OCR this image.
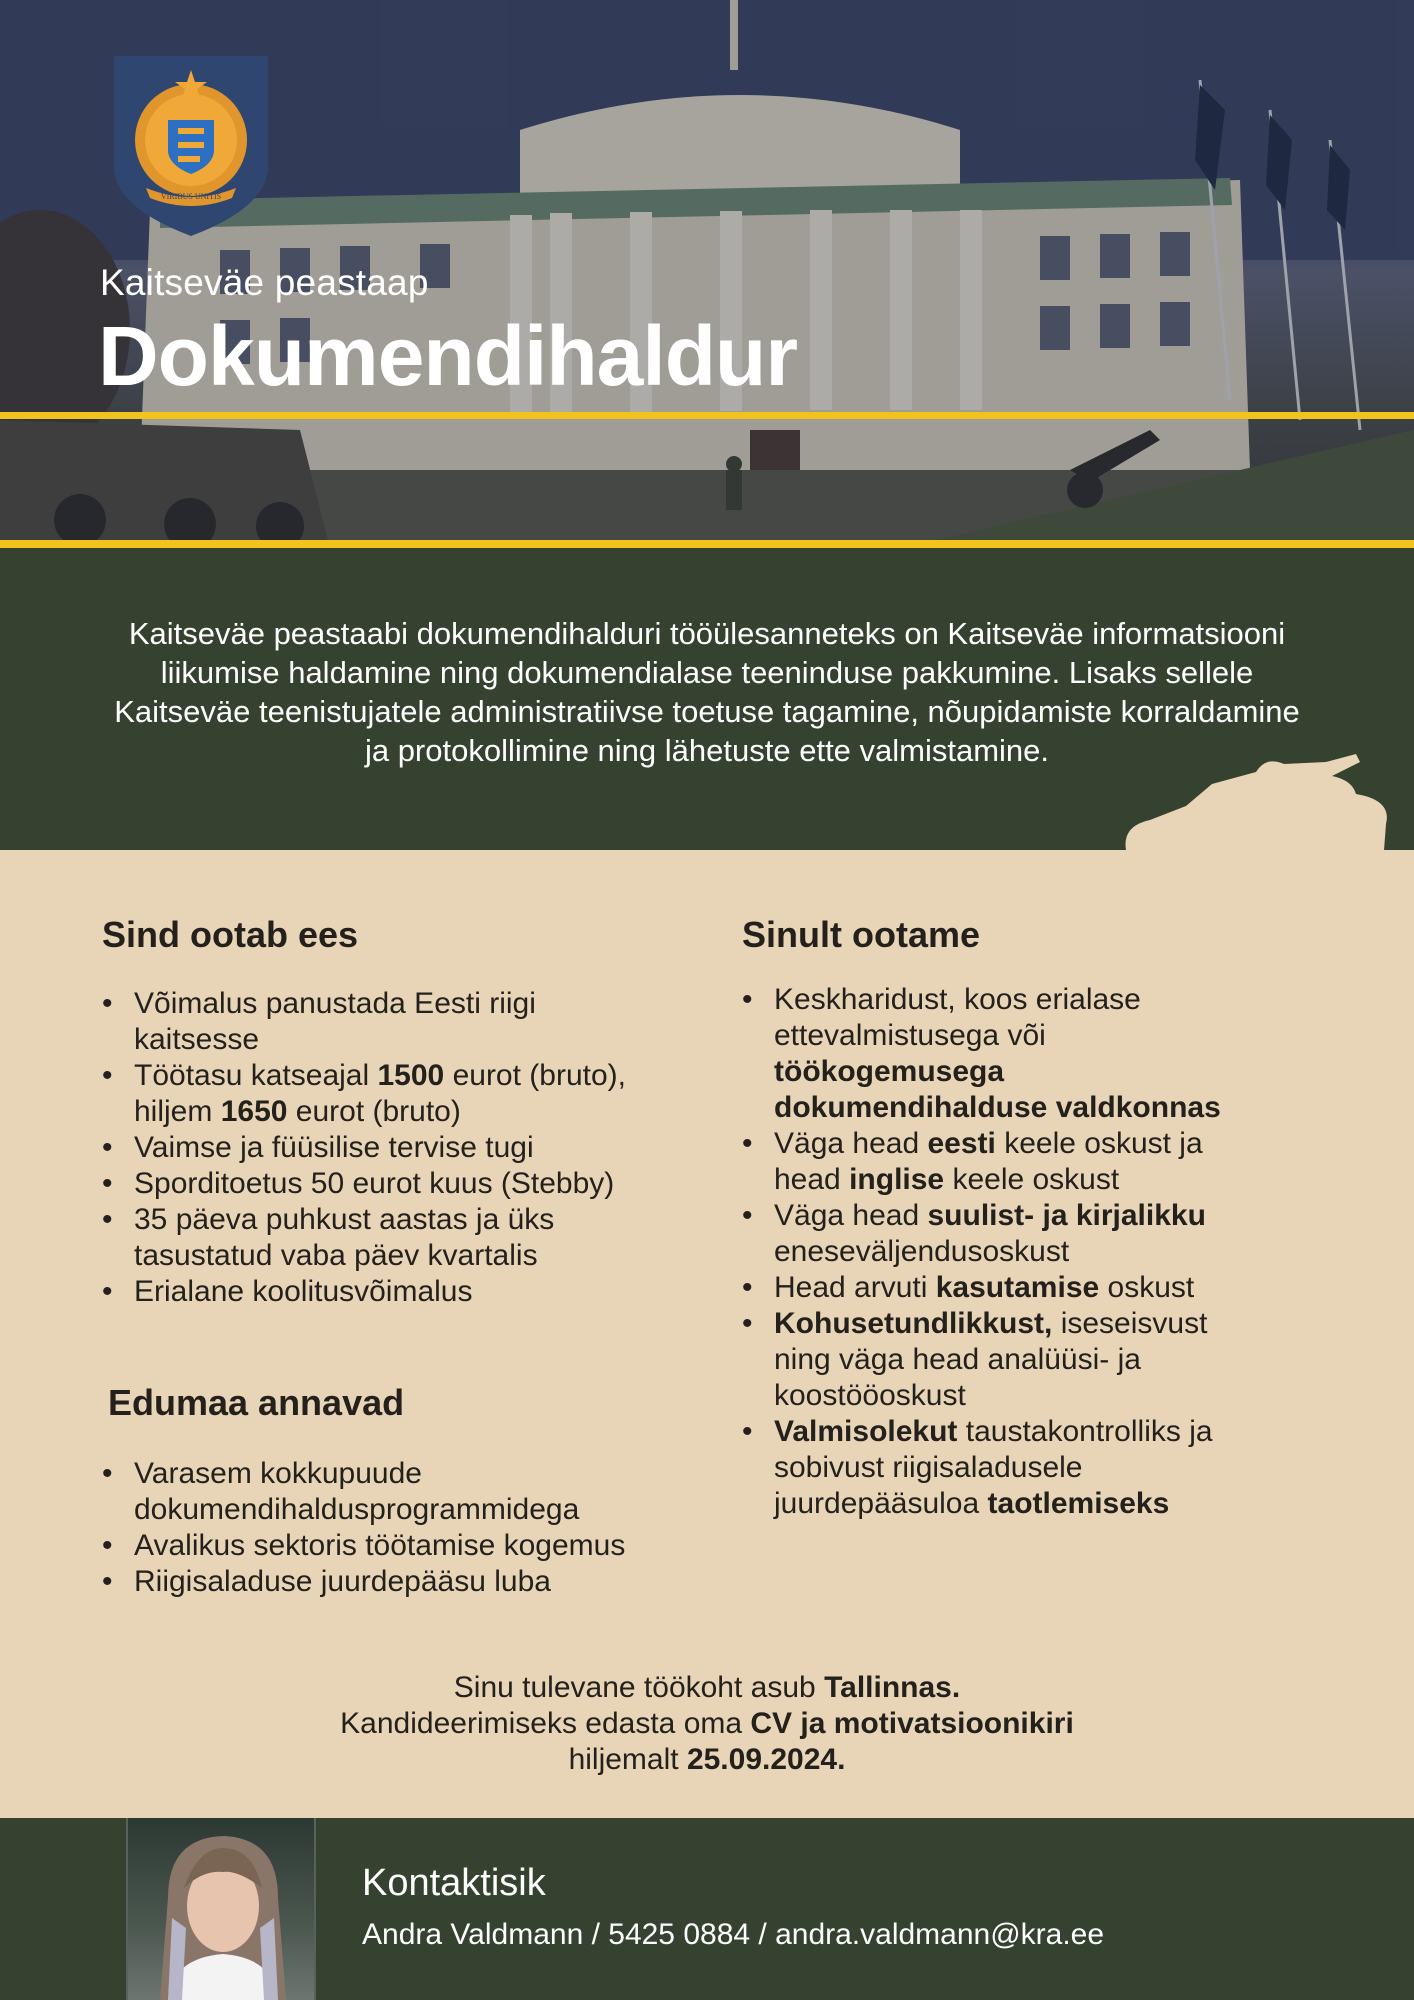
VIRIBUS UNITIS
Kaitseväe peastaap
Dokumendihaldur
Kaitseväe peastaabi dokumendihalduri tööülesanneteks on Kaitseväe informatsiooni liikumise haldamine ning dokumendialase teeninduse pakkumine. Lisaks sellele Kaitseväe teenistujatele administratiivse toetuse tagamine, nõupidamiste korraldamine ja protokollimine ning lähetuste ette valmistamine.
Sind ootab ees
• Võimalus panustada Eesti riigi kaitsesse
• Töötasu katseajal 1500 eurot (bruto), hiljem 1650 eurot (bruto)
• Vaimse ja füüsilise tervise tugi
• Sporditoetus 50 eurot kuus (Stebby)
• 35 päeva puhkust aastas ja üks tasustatud vaba päev kvartalis
• Erialane koolitusvõimalus
Edumaa annavad
• Varasem kokkupuude dokumendihaldusprogrammidega
• Avalikus sektoris töötamise kogemus
• Riigisaladuse juurdepääsu luba
Sinult ootame
• Keskharidust, koos erialase ettevalmistusega või töökogemusega dokumendihalduse valdkonnas
• Väga head eesti keele oskust ja head inglise keele oskust
• Väga head suulist- ja kirjalikku eneseväljendusoskust
• Head arvuti kasutamise oskust
• Kohusetundlikkust, iseseisvust ning väga head analüüsi- ja koostööoskust
• Valmisolekut taustakontrolliks ja sobivust riigisaladusele juurdepääsuloa taotlemiseks
Sinu tulevane töökoht asub Tallinnas.
Kandideerimiseks edasta oma CV ja motivatsioonikiri
hiljemalt 25.09.2024.
Kontaktisik
Andra Valdmann / 5425 0884 / andra.valdmann@kra.ee
